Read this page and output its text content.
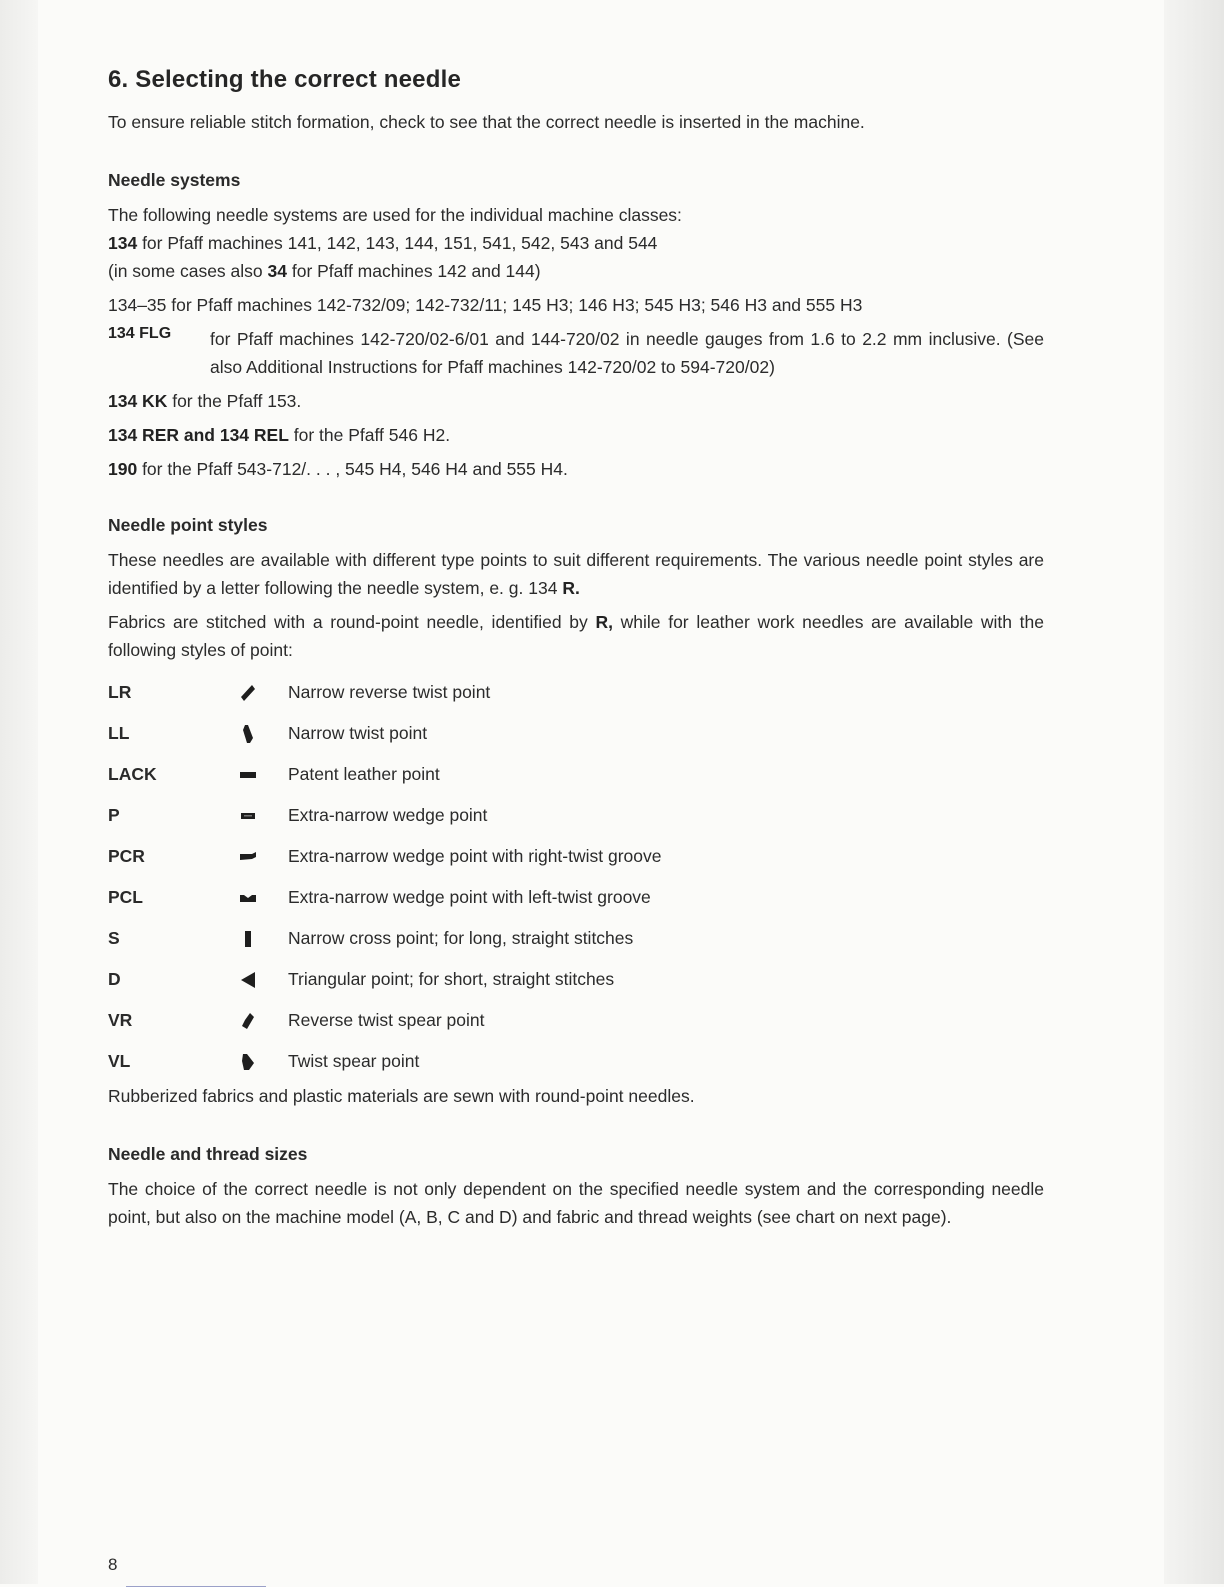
6. Selecting the correct needle

To ensure reliable stitch formation, check to see that the correct needle is inserted in the machine.

Needle systems

The following needle systems are used for the individual machine classes:

134 for Pfaff machines 141, 142, 143, 144, 151, 541, 542, 543 and 544
(in some cases also 34 for Pfaff machines 142 and 144)

134–35 for Pfaff machines 142-732/09; 142-732/11; 145 H3; 146 H3; 545 H3; 546 H3 and 555 H3

134 FLG	for Pfaff machines 142-720/02-6/01 and 144-720/02 in needle gauges from 1.6 to 2.2 mm inclusive. (See also Additional Instructions for Pfaff machines 142-720/02 to 594-720/02)

134 KK for the Pfaff 153.
134 RER and 134 REL for the Pfaff 546 H2.
190 for the Pfaff 543-712/. . . , 545 H4, 546 H4 and 555 H4.
Needle point styles

These needles are available with different type points to suit different requirements. The various needle point styles are identified by a letter following the needle system, e. g. 134 R.

Fabrics are stitched with a round-point needle, identified by R, while for leather work needles are available with the following styles of point:

LR	Narrow reverse twist point
LL	Narrow twist point
LACK	Patent leather point
P	Extra-narrow wedge point
PCR	Extra-narrow wedge point with right-twist groove
PCL	Extra-narrow wedge point with left-twist groove
S	Narrow cross point; for long, straight stitches
D	Triangular point; for short, straight stitches
VR	Reverse twist spear point
VL	Twist spear point

Rubberized fabrics and plastic materials are sewn with round-point needles.

Needle and thread sizes

The choice of the correct needle is not only dependent on the specified needle system and the corresponding needle point, but also on the machine model (A, B, C and D) and fabric and thread weights (see chart on next page).

8
